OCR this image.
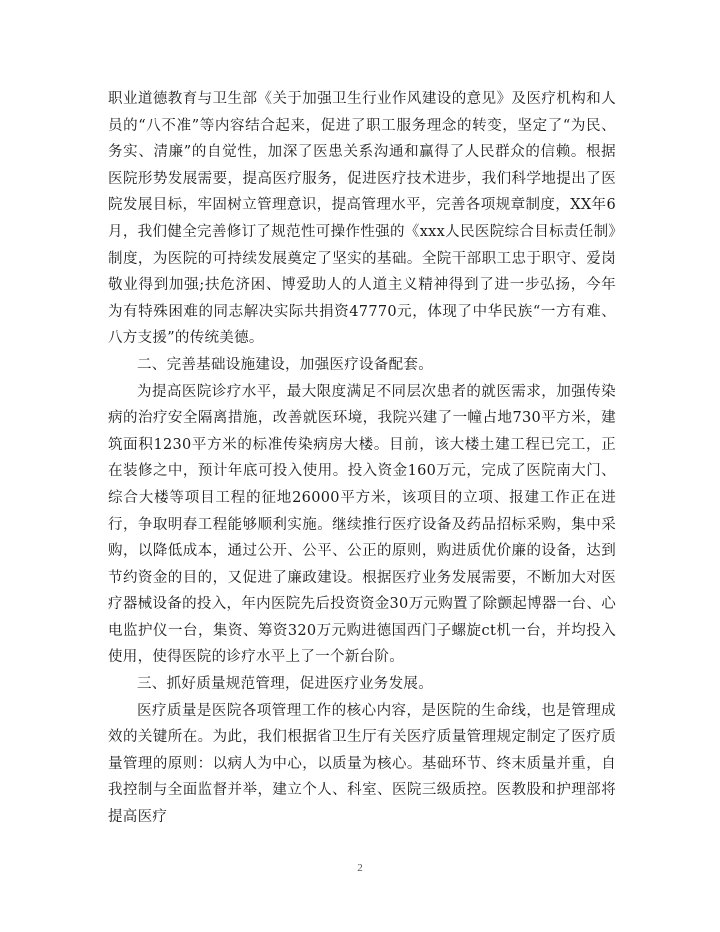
职业道德教育与卫生部《关于加强卫生行业作风建设的意见》及医疗机构和人员的“八不准”等内容结合起来，促进了职工服务理念的转变，坚定了“为民、务实、清廉”的自觉性，加深了医患关系沟通和赢得了人民群众的信赖。根据医院形势发展需要，提高医疗服务，促进医疗技术进步，我们科学地提出了医院发展目标，牢固树立管理意识，提高管理水平，完善各项规章制度，XX年6月，我们健全完善修订了规范性可操作性强的《xxx人民医院综合目标责任制》制度，为医院的可持续发展奠定了坚实的基础。全院干部职工忠于职守、爱岗敬业得到加强;扶危济困、博爱助人的人道主义精神得到了进一步弘扬，今年为有特殊困难的同志解决实际共捐资47770元，体现了中华民族“一方有难、八方支援”的传统美德。

二、完善基础设施建设，加强医疗设备配套。

为提高医院诊疗水平，最大限度满足不同层次患者的就医需求，加强传染病的治疗安全隔离措施，改善就医环境，我院兴建了一幢占地730平方米，建筑面积1230平方米的标准传染病房大楼。目前，该大楼土建工程已完工，正在装修之中，预计年底可投入使用。投入资金160万元，完成了医院南大门、综合大楼等项目工程的征地26000平方米，该项目的立项、报建工作正在进行，争取明春工程能够顺利实施。继续推行医疗设备及药品招标采购，集中采购，以降低成本，通过公开、公平、公正的原则，购进质优价廉的设备，达到节约资金的目的，又促进了廉政建设。根据医疗业务发展需要，不断加大对医疗器械设备的投入，年内医院先后投资资金30万元购置了除颤起博器一台、心电监护仪一台，集资、筹资320万元购进德国西门子螺旋ct机一台，并均投入使用，使得医院的诊疗水平上了一个新台阶。

三、抓好质量规范管理，促进医疗业务发展。

医疗质量是医院各项管理工作的核心内容，是医院的生命线，也是管理成效的关键所在。为此，我们根据省卫生厅有关医疗质量管理规定制定了医疗质量管理的原则：以病人为中心，以质量为核心。基础环节、终末质量并重，自我控制与全面监督并举，建立个人、科室、医院三级质控。医教股和护理部将提高医疗

2
